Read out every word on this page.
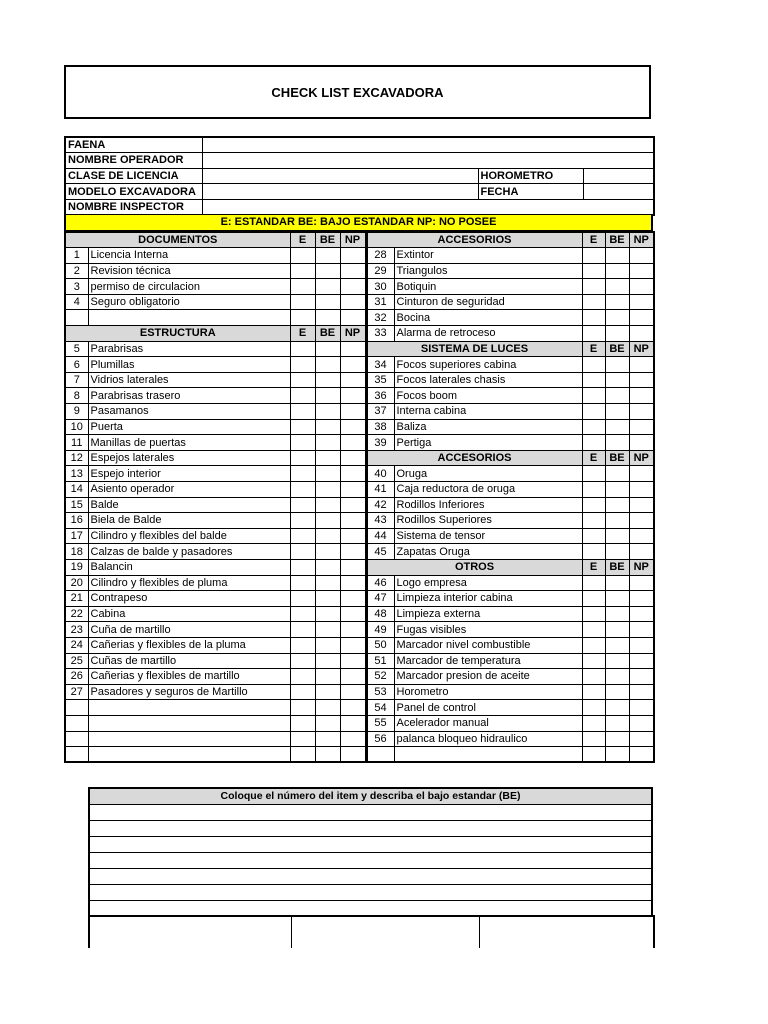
CHECK LIST EXCAVADORA
FAENA			
NOMBRE OPERADOR			
CLASE DE LICENCIA		HOROMETRO	
MODELO EXCAVADORA		FECHA	
NOMBRE INSPECTOR			
E: ESTANDAR BE: BAJO ESTANDAR NP: NO POSEE
DOCUMENTOS		E	BE	NP	ACCESORIOS		E	BE	NP
1	Licencia Interna				28	Extintor			
2	Revision técnica				29	Triangulos			
3	permiso de circulacion				30	Botiquin			
4	Seguro obligatorio				31	Cinturon de seguridad			
					32	Bocina			
ESTRUCTURA		E	BE	NP	33	Alarma de retroceso			
5	Parabrisas				SISTEMA DE LUCES		E	BE	NP
6	Plumillas				34	Focos superiores cabina			
7	Vidrios laterales				35	Focos laterales chasis			
8	Parabrisas trasero				36	Focos boom			
9	Pasamanos				37	Interna cabina			
10	Puerta				38	Baliza			
11	Manillas de puertas				39	Pertiga			
12	Espejos laterales				ACCESORIOS		E	BE	NP
13	Espejo interior				40	Oruga			
14	Asiento operador				41	Caja reductora de oruga			
15	Balde				42	Rodillos Inferiores			
16	Biela de Balde				43	Rodillos Superiores			
17	Cilindro y flexibles del balde				44	Sistema de tensor			
18	Calzas de balde y pasadores				45	Zapatas Oruga			
19	Balancin				OTROS		E	BE	NP
20	Cilindro y flexibles de pluma				46	Logo empresa			
21	Contrapeso				47	Limpieza interior cabina			
22	Cabina				48	Limpieza externa			
23	Cuña de martillo				49	Fugas visibles			
24	Cañerias y flexibles de la pluma				50	Marcador nivel combustible			
25	Cuñas de martillo				51	Marcador de temperatura			
26	Cañerias y flexibles de martillo				52	Marcador presion de aceite			
27	Pasadores y seguros de Martillo				53	Horometro			
					54	Panel de control			
					55	Acelerador manual			
					56	palanca bloqueo hidraulico			

Coloque el número del item y describa el bajo estandar (BE)
